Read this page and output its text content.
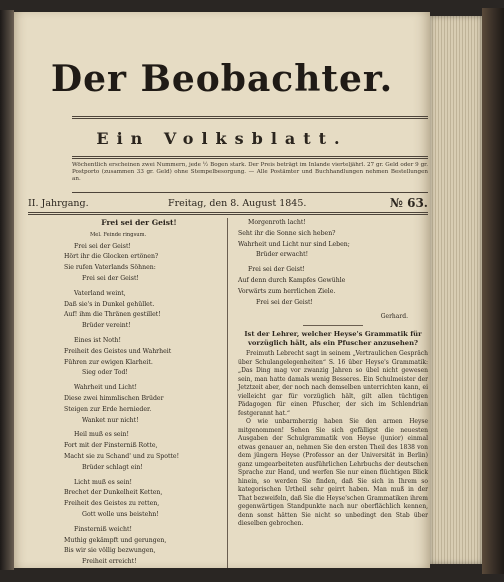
Der Beobachter.
Ein Volksblatt.
Wöchentlich erscheinen zwei Nummern, jede ½ Bogen stark. Der Preis beträgt im Inlande vierteljährl. 27 gr. Geld oder 9 gr. Postporto (zusammen 33 gr. Geld) ohne Stempelbesorgung. — Alle Postämter und Buchhandlungen nehmen Bestellungen an.
II. Jahrgang.	Freitag, den 8. August 1845.	№ 63.
Frei sei der Geist!
Mel. Feinde ringsum.
Frei sei der Geist!
Hört ihr die Glocken ertönen?
Sie rufen Vaterlands Söhnen:
Frei sei der Geist!
Vaterland weint,
Daß sie's in Dunkel gehüllet.
Auf! ihm die Thränen gestillet!
Brüder vereint!
Eines ist Noth!
Freiheit des Geistes und Wahrheit
Führen zur ewigen Klarheit.
Sieg oder Tod!
Wahrheit und Licht!
Diese zwei himmlischen Brüder
Steigen zur Erde hernieder.
Wanket nur nicht!
Heil muß es sein!
Fort mit der Finsterniß Rotte,
Macht sie zu Schand' und zu Spotte!
Brüder schlagt ein!
Licht muß es sein!
Brechet der Dunkelheit Ketten,
Freiheit des Geistes zu retten,
Gott wolle uns beistehn!
Finsterniß weicht!
Muthig gekämpft und gerungen,
Bis wir sie völlig bezwungen,
Freiheit erreicht!
Morgenroth lacht!
Seht ihr die Sonne sich heben?
Wahrheit und Licht nur sind Leben;
Brüder erwacht!
Frei sei der Geist!
Auf denn durch Kampfes Gewühle
Vorwärts zum herrlichen Ziele.
Frei sei der Geist!
Gerhard.
Ist der Lehrer, welcher Heyse's Grammatik für vorzüglich hält, als ein Pfuscher anzusehen?
Freimuth Lebrecht sagt in seinem „Vertraulichen Gespräch über Schulangelegenheiten“ S. 16 über Heyse's Grammatik: „Das Ding mag vor zwanzig Jahren so übel nicht gewesen sein, man hatte damals wenig Besseres. Ein Schulmeister der Jetztzeit aber, der noch nach demselben unterrichten kann, ei vielleicht gar für vorzüglich hält, gilt allen tüchtigen Pädagogen für einen Pfuscher, der sich im Schlendrian festgerannt hat.“
O wie unbarmherzig haben Sie den armen Heyse mitgenommen! Sehen Sie sich gefälligst die neuesten Ausgaben der Schulgrammatik von Heyse (junior) einmal etwas genauer an, nehmen Sie den ersten Theil des 1838 von dem jüngern Heyse (Professor an der Universität in Berlin) ganz umgearbeiteten ausführlichen Lehrbuchs der deutschen Sprache zur Hand, und werfen Sie nur einen flüchtigen Blick hinein, so werden Sie finden, daß Sie sich in Ihrem so kategorischen Urtheil sehr geirrt haben. Man muß in der That bezweifeln, daß Sie die Heyse'schen Grammatiken ihrem gegenwärtigen Standpunkte nach nur oberflächlich kennen, denn sonst hätten Sie nicht so unbedingt den Stab über dieselben gebrochen.
